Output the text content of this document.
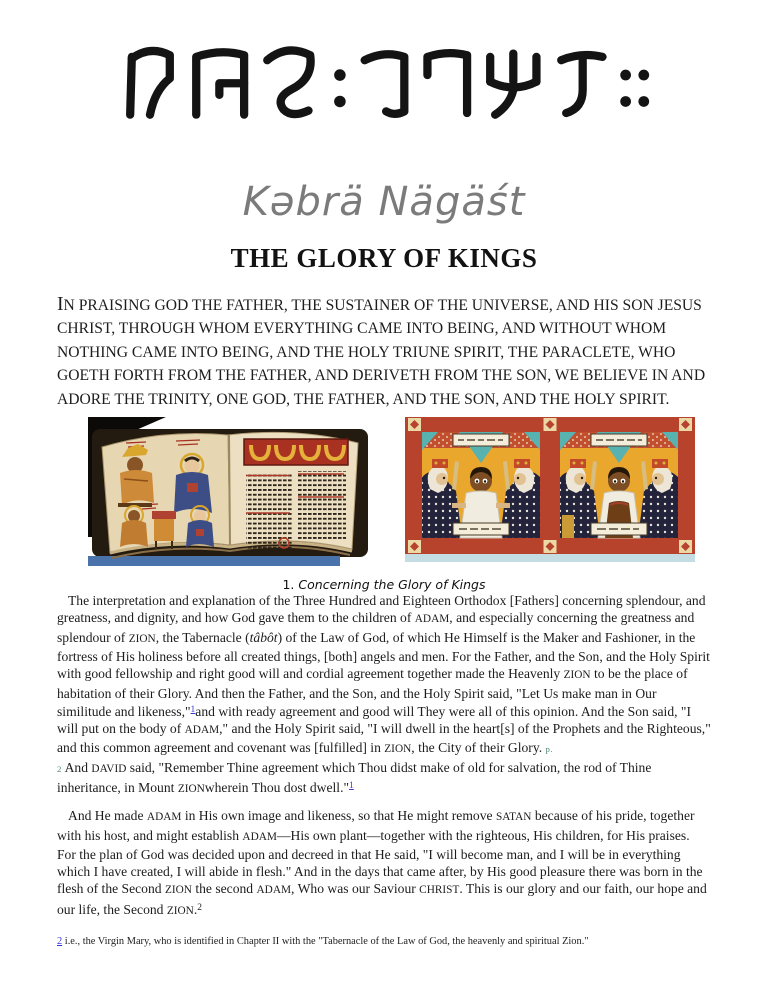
Kəbrä Nägäśt
THE GLORY OF KINGS

IN PRAISING GOD THE FATHER, THE SUSTAINER OF THE UNIVERSE, AND HIS SON JESUS CHRIST, THROUGH WHOM EVERYTHING CAME INTO BEING, AND WITHOUT WHOM NOTHING CAME INTO BEING, AND THE HOLY TRIUNE SPIRIT, THE PARACLETE, WHO GOETH FORTH FROM THE FATHER, AND DERIVETH FROM THE SON, WE BELIEVE IN AND ADORE THE TRINITY, ONE GOD, THE FATHER, AND THE SON, AND THE HOLY SPIRIT.

1. Concerning the Glory of Kings

The interpretation and explanation of the Three Hundred and Eighteen Orthodox [Fathers] concerning splendour, and greatness, and dignity, and how God gave them to the children of ADAM, and especially concerning the greatness and splendour of ZION, the Tabernacle (tâbôt) of the Law of God, of which He Himself is the Maker and Fashioner, in the fortress of His holiness before all created things, [both] angels and men. For the Father, and the Son, and the Holy Spirit with good fellowship and right good will and cordial agreement together made the Heavenly ZION to be the place of habitation of their Glory. And then the Father, and the Son, and the Holy Spirit said, "Let Us make man in Our similitude and likeness,"$^1$and with ready agreement and good will They were all of this opinion. And the Son said, "I will put on the body of ADAM," and the Holy Spirit said, "I will dwell in the heart[s] of the Prophets and the Righteous," and this common agreement and covenant was [fulfilled] in ZION, the City of their Glory. p.
2 And DAVID said, "Remember Thine agreement which Thou didst make of old for salvation, the rod of Thine inheritance, in Mount ZIONwherein Thou dost dwell."$^1$

And He made ADAM in His own image and likeness, so that He might remove SATAN because of his pride, together with his host, and might establish ADAM—His own plant—together with the righteous, His children, for His praises. For the plan of God was decided upon and decreed in that He said, "I will become man, and I will be in everything which I have created, I will abide in flesh." And in the days that came after, by His good pleasure there was born in the flesh of the Second ZION the second ADAM, Who was our Saviour CHRIST. This is our glory and our faith, our hope and our life, the Second ZION.$^2$

2 i.e., the Virgin Mary, who is identified in Chapter II with the "Tabernacle of the Law of God, the heavenly and spiritual Zion."
